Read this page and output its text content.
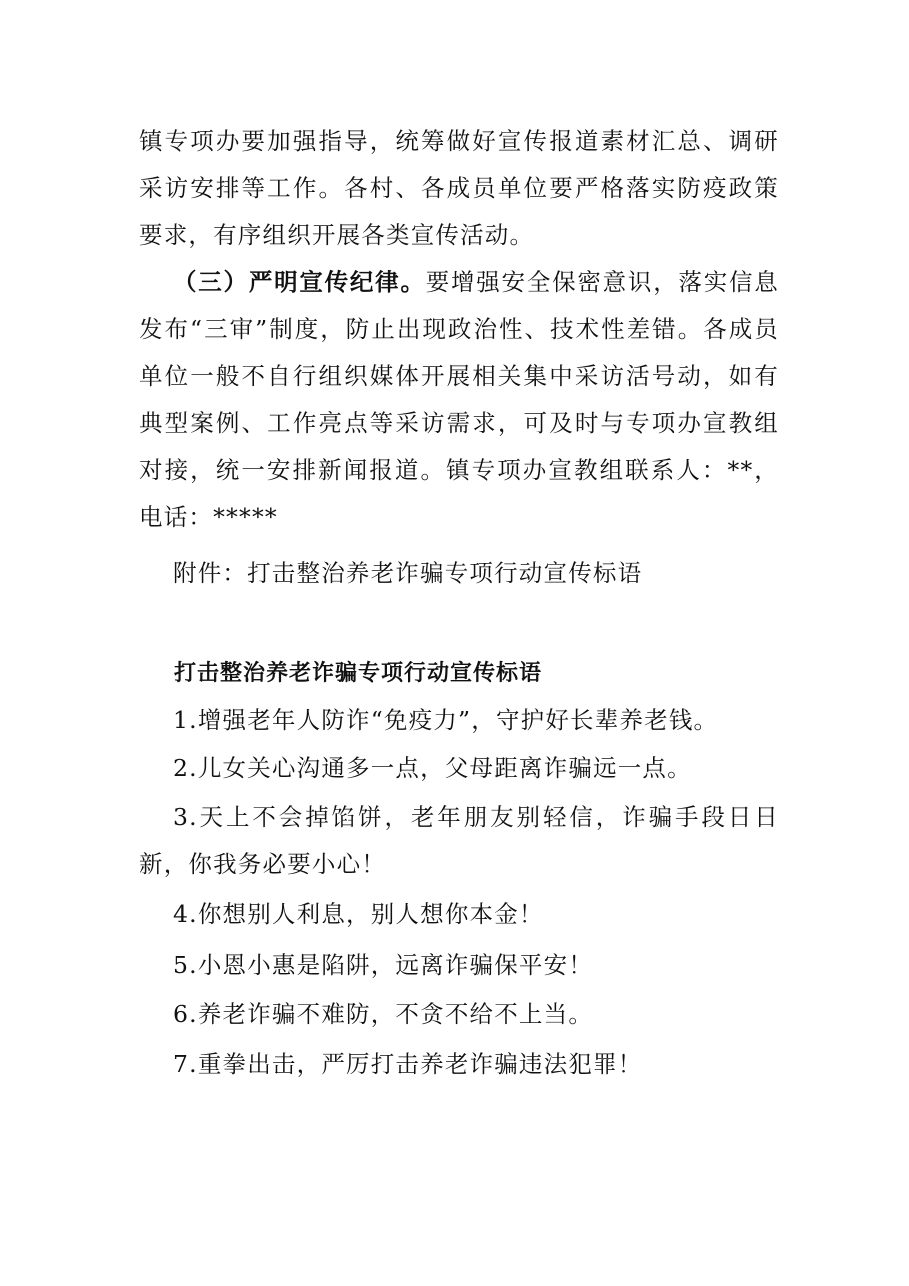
镇专项办要加强指导，统筹做好宣传报道素材汇总、调研采访安排等工作。各村、各成员单位要严格落实防疫政策要求，有序组织开展各类宣传活动。

（三）严明宣传纪律。要增强安全保密意识，落实信息发布“三审”制度，防止出现政治性、技术性差错。各成员单位一般不自行组织媒体开展相关集中采访活号动，如有典型案例、工作亮点等采访需求，可及时与专项办宣教组对接，统一安排新闻报道。镇专项办宣教组联系人：**，电话：*****

附件：打击整治养老诈骗专项行动宣传标语

打击整治养老诈骗专项行动宣传标语

1.增强老年人防诈“免疫力”，守护好长辈养老钱。

2.儿女关心沟通多一点，父母距离诈骗远一点。

3.天上不会掉馅饼，老年朋友别轻信，诈骗手段日日新，你我务必要小心！

4.你想别人利息，别人想你本金！

5.小恩小惠是陷阱，远离诈骗保平安！

6.养老诈骗不难防，不贪不给不上当。

7.重拳出击，严厉打击养老诈骗违法犯罪！
